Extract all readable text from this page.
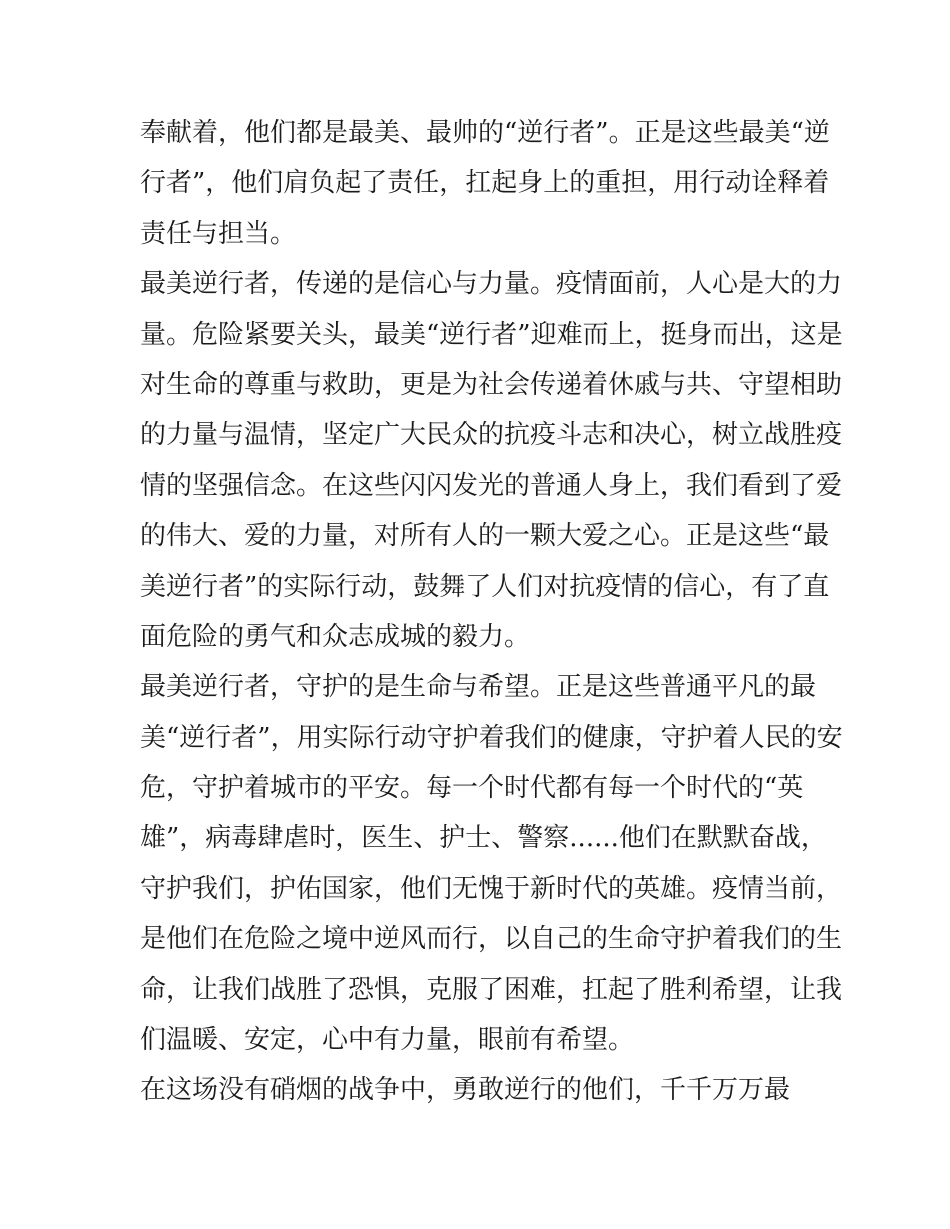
奉献着，他们都是最美、最帅的“逆行者”。正是这些最美“逆
行者”，他们肩负起了责任，扛起身上的重担，用行动诠释着
责任与担当。
最美逆行者，传递的是信心与力量。疫情面前，人心是大的力
量。危险紧要关头，最美“逆行者”迎难而上，挺身而出，这是
对生命的尊重与救助，更是为社会传递着休戚与共、守望相助
的力量与温情，坚定广大民众的抗疫斗志和决心，树立战胜疫
情的坚强信念。在这些闪闪发光的普通人身上，我们看到了爱
的伟大、爱的力量，对所有人的一颗大爱之心。正是这些“最
美逆行者”的实际行动，鼓舞了人们对抗疫情的信心，有了直
面危险的勇气和众志成城的毅力。
最美逆行者，守护的是生命与希望。正是这些普通平凡的最
美“逆行者”，用实际行动守护着我们的健康，守护着人民的安
危，守护着城市的平安。每一个时代都有每一个时代的“英
雄”，病毒肆虐时，医生、护士、警察......他们在默默奋战，
守护我们，护佑国家，他们无愧于新时代的英雄。疫情当前，
是他们在危险之境中逆风而行，以自己的生命守护着我们的生
命，让我们战胜了恐惧，克服了困难，扛起了胜利希望，让我
们温暖、安定，心中有力量，眼前有希望。
在这场没有硝烟的战争中，勇敢逆行的他们，千千万万最
